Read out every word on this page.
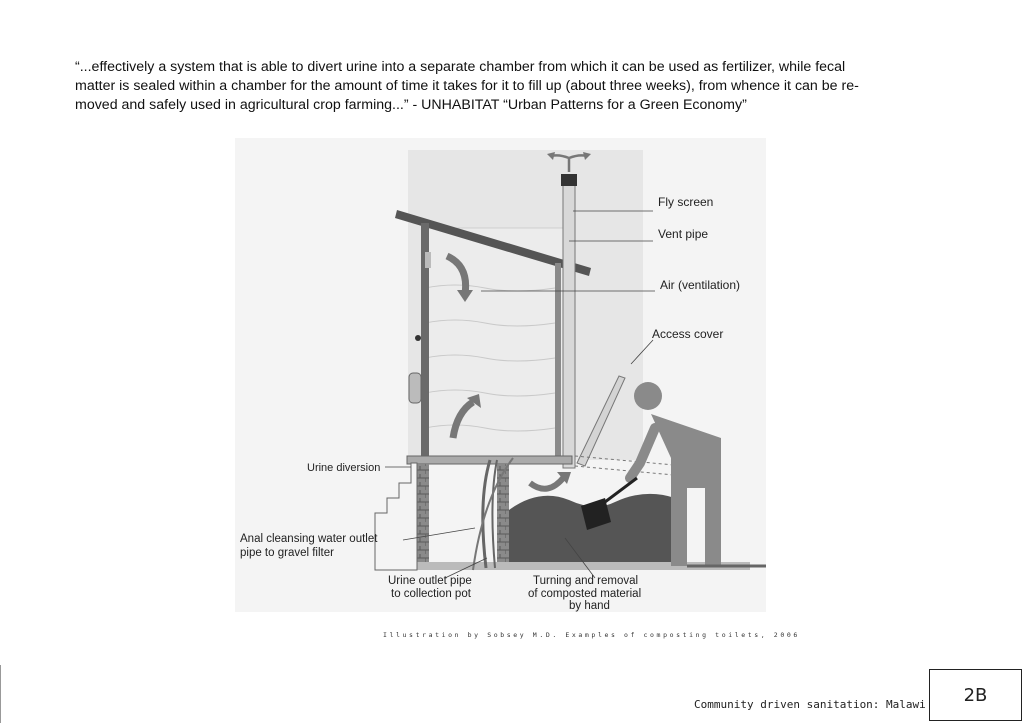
“...effectively a system that is able to divert urine into a separate chamber from which it can be used as fertilizer, while fecal
matter is sealed within a chamber for the amount of time it takes for it to fill up (about three weeks), from whence it can be re-
moved and safely used in agricultural crop farming...” - UNHABITAT “Urban Patterns for a Green Economy”
Fly screen
Vent pipe
Air (ventilation)
Access cover
Urine diversion
Anal cleansing water outlet
pipe to gravel filter
Urine outlet pipe
to collection pot
Turning and removal
of composted material
by hand
Illustration by Sobsey M.D. Examples of composting toilets, 2006
Community driven sanitation: Malawi 2B
